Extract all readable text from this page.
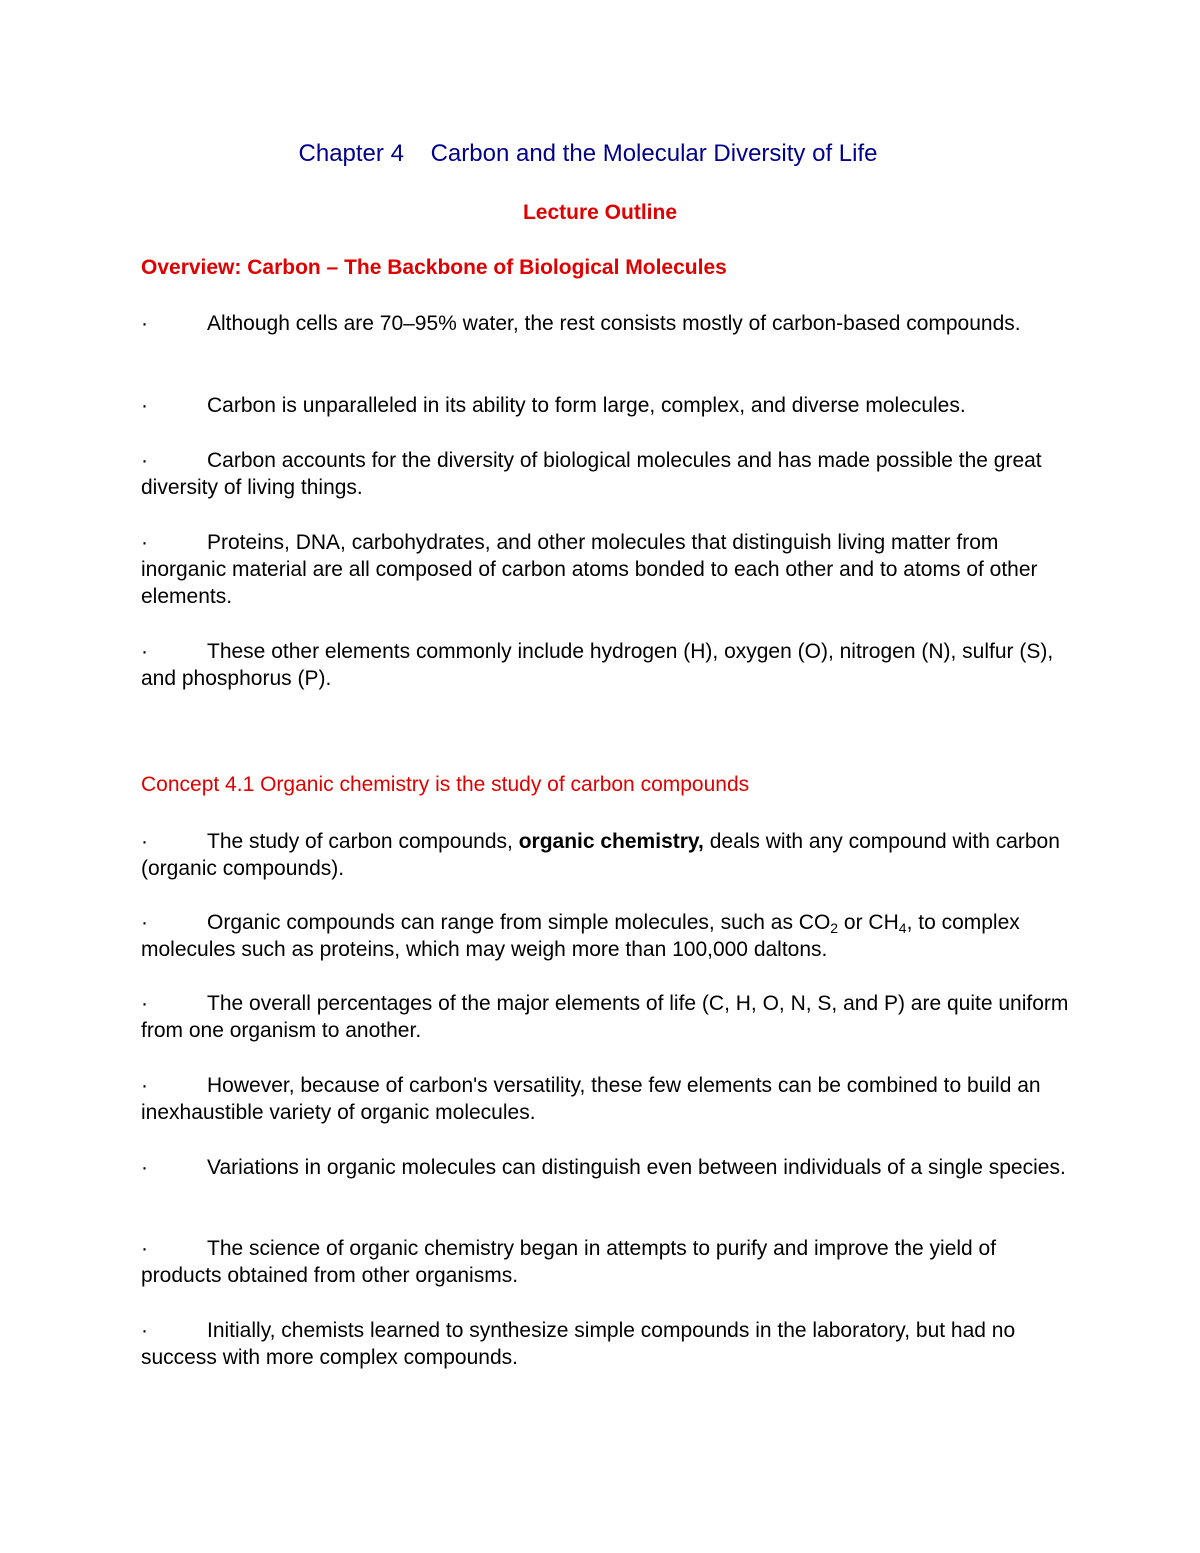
Chapter 4    Carbon and the Molecular Diversity of Life
Lecture Outline
Overview: Carbon – The Backbone of Biological Molecules

·	Although cells are 70–95% water, the rest consists mostly of carbon-based compounds.

·	Carbon is unparalleled in its ability to form large, complex, and diverse molecules.

·	Carbon accounts for the diversity of biological molecules and has made possible the great diversity of living things.

·	Proteins, DNA, carbohydrates, and other molecules that distinguish living matter from inorganic material are all composed of carbon atoms bonded to each other and to atoms of other elements.

·	These other elements commonly include hydrogen (H), oxygen (O), nitrogen (N), sulfur (S), and phosphorus (P).

Concept 4.1 Organic chemistry is the study of carbon compounds

·	The study of carbon compounds, organic chemistry, deals with any compound with carbon (organic compounds).

·	Organic compounds can range from simple molecules, such as $CO_2$ or $CH_4$, to complex molecules such as proteins, which may weigh more than 100,000 daltons.

·	The overall percentages of the major elements of life (C, H, O, N, S, and P) are quite uniform from one organism to another.

·	However, because of carbon's versatility, these few elements can be combined to build an inexhaustible variety of organic molecules.

·	Variations in organic molecules can distinguish even between individuals of a single species.

·	The science of organic chemistry began in attempts to purify and improve the yield of products obtained from other organisms.

·	Initially, chemists learned to synthesize simple compounds in the laboratory, but had no success with more complex compounds.
